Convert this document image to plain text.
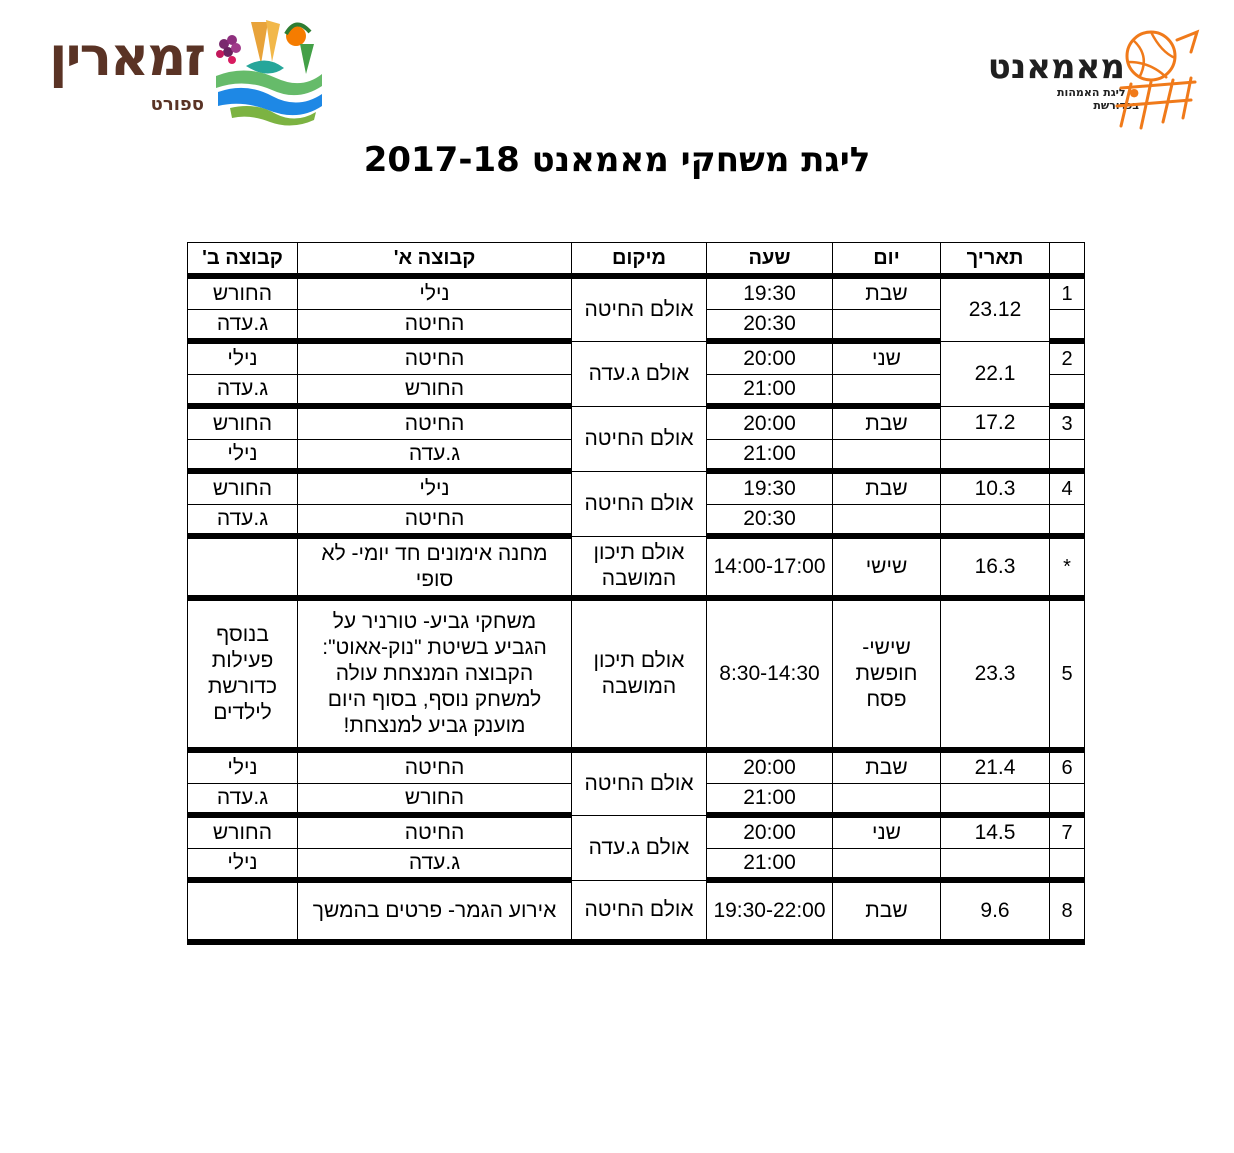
זמארין
ספורט
מאמאנט
● ליגת האמהות בכדורשת
ליגת משחקי מאמאנט 2017-18
	תאריך	יום	שעה	מיקום	קבוצה א'	קבוצה ב'
1	23.12	שבת	19:30	אולם החיטה	נילי	החורש
			20:30		החיטה	ג.עדה
2	22.1	שני	20:00	אולם ג.עדה	החיטה	נילי
			21:00		החורש	ג.עדה
3	17.2	שבת	20:00	אולם החיטה	החיטה	החורש
			21:00		ג.עדה	נילי
4	10.3	שבת	19:30	אולם החיטה	נילי	החורש
			20:30		החיטה	ג.עדה
*	16.3	שישי	14:00-17:00	אולם תיכון המושבה	מחנה אימונים חד יומי- לא סופי	
5	23.3	שישי- חופשת פסח	8:30-14:30	אולם תיכון המושבה	משחקי גביע- טורניר על הגביע בשיטת "נוק-אאוט": הקבוצה המנצחת עולה למשחק נוסף, בסוף היום מוענק גביע למנצחת!	בנוסף פעילות כדורשת לילדים
6	21.4	שבת	20:00	אולם החיטה	החיטה	נילי
			21:00		החורש	ג.עדה
7	14.5	שני	20:00	אולם ג.עדה	החיטה	החורש
			21:00		ג.עדה	נילי
8	9.6	שבת	19:30-22:00	אולם החיטה	אירוע הגמר- פרטים בהמשך	
